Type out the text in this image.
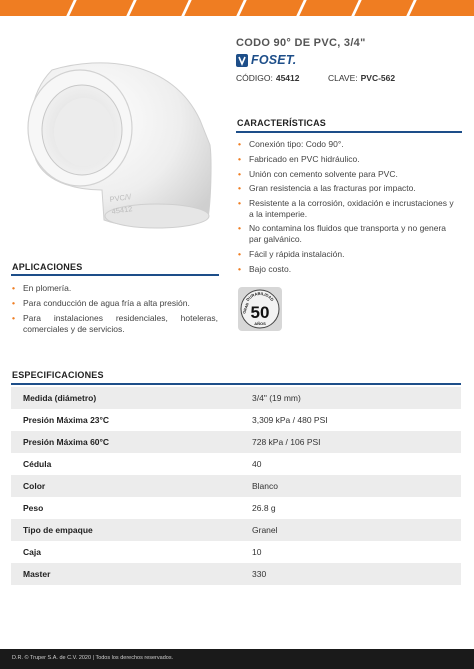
PVC/\/
45412
CODO 90° DE PVC, 3/4"
FOSET.
CÓDIGO: 45412	CLAVE: PVC-562
CARACTERÍSTICAS
• Conexión tipo: Codo 90°.
• Fabricado en PVC hidráulico.
• Unión con cemento solvente para PVC.
• Gran resistencia a las fracturas por impacto.
• Resistente a la corrosión, oxidación e incrustaciones y a la intemperie.
• No contamina los fluidos que transporta y no genera par galvánico.
• Fácil y rápida instalación.
• Bajo costo.
APLICACIONES
• En plomería.
• Para conducción de agua fría a alta presión.
• Para instalaciones residenciales, hoteleras, comerciales y de servicios.
DURABILIDAD
GRAN 50
AÑOS
ESPECIFICACIONES
Medida (diámetro)	3/4" (19 mm)
Presión Máxima 23°C	3,309 kPa / 480 PSI
Presión Máxima 60°C	728 kPa / 106 PSI
Cédula	40
Color	Blanco
Peso	26.8 g
Tipo de empaque	Granel
Caja	10
Master	330
D.R. © Truper S.A. de C.V. 2020 | Todos los derechos reservados.
